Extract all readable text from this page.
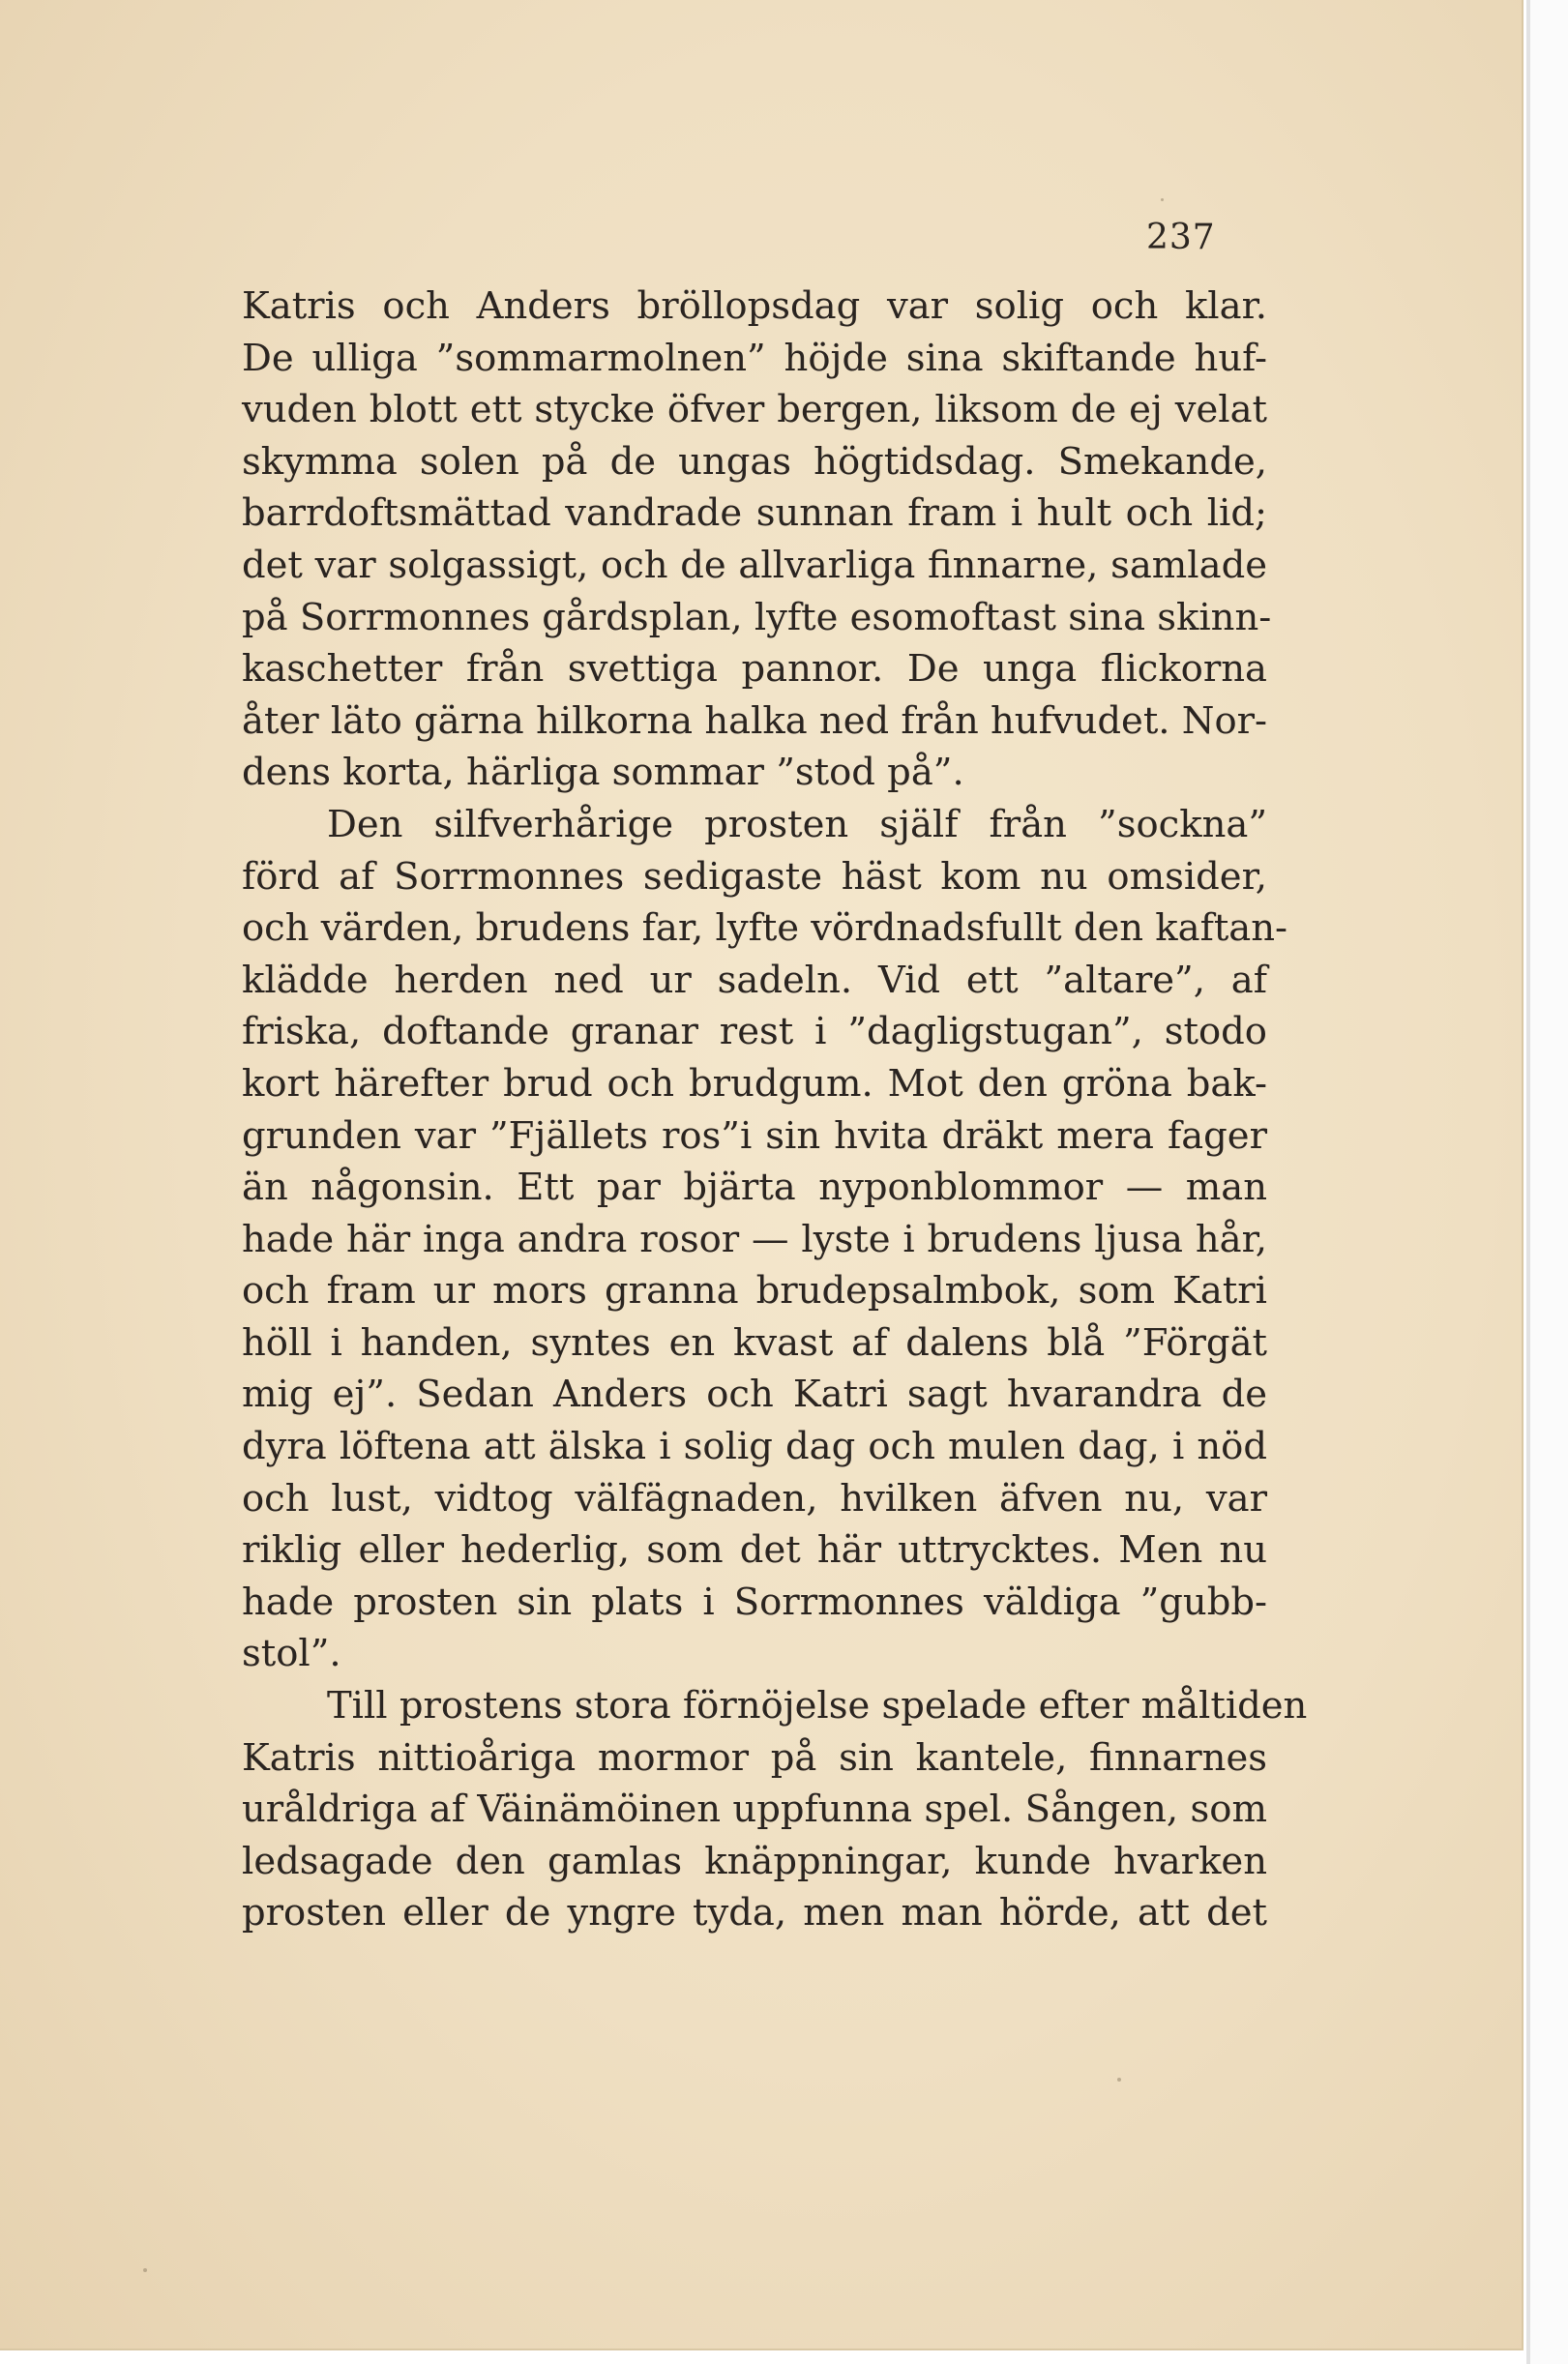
237
Katris och Anders bröllopsdag var solig och klar.
De ulliga ”sommarmolnen” höjde sina skiftande huf-
vuden blott ett stycke öfver bergen, liksom de ej velat
skymma solen på de ungas högtidsdag. Smekande,
barrdoftsmättad vandrade sunnan fram i hult och lid;
det var solgassigt, och de allvarliga finnarne, samlade
på Sorrmonnes gårdsplan, lyfte esomoftast sina skinn-
kaschetter från svettiga pannor. De unga flickorna
åter läto gärna hilkorna halka ned från hufvudet. Nor-
dens korta, härliga sommar ”stod på”.
Den silfverhårige prosten själf från ”sockna”
förd af Sorrmonnes sedigaste häst kom nu omsider,
och värden, brudens far, lyfte vördnadsfullt den kaftan-
klädde herden ned ur sadeln. Vid ett ”altare”, af
friska, doftande granar rest i ”dagligstugan”, stodo
kort härefter brud och brudgum. Mot den gröna bak-
grunden var ”Fjällets ros”i sin hvita dräkt mera fager
än någonsin. Ett par bjärta nyponblommor — man
hade här inga andra rosor — lyste i brudens ljusa hår,
och fram ur mors granna brudepsalmbok, som Katri
höll i handen, syntes en kvast af dalens blå ”Förgät
mig ej”. Sedan Anders och Katri sagt hvarandra de
dyra löftena att älska i solig dag och mulen dag, i nöd
och lust, vidtog välfägnaden, hvilken äfven nu, var
riklig eller hederlig, som det här uttrycktes. Men nu
hade prosten sin plats i Sorrmonnes väldiga ”gubb-
stol”.
Till prostens stora förnöjelse spelade efter måltiden
Katris nittioåriga mormor på sin kantele, finnarnes
uråldriga af Väinämöinen uppfunna spel. Sången, som
ledsagade den gamlas knäppningar, kunde hvarken
prosten eller de yngre tyda, men man hörde, att det
